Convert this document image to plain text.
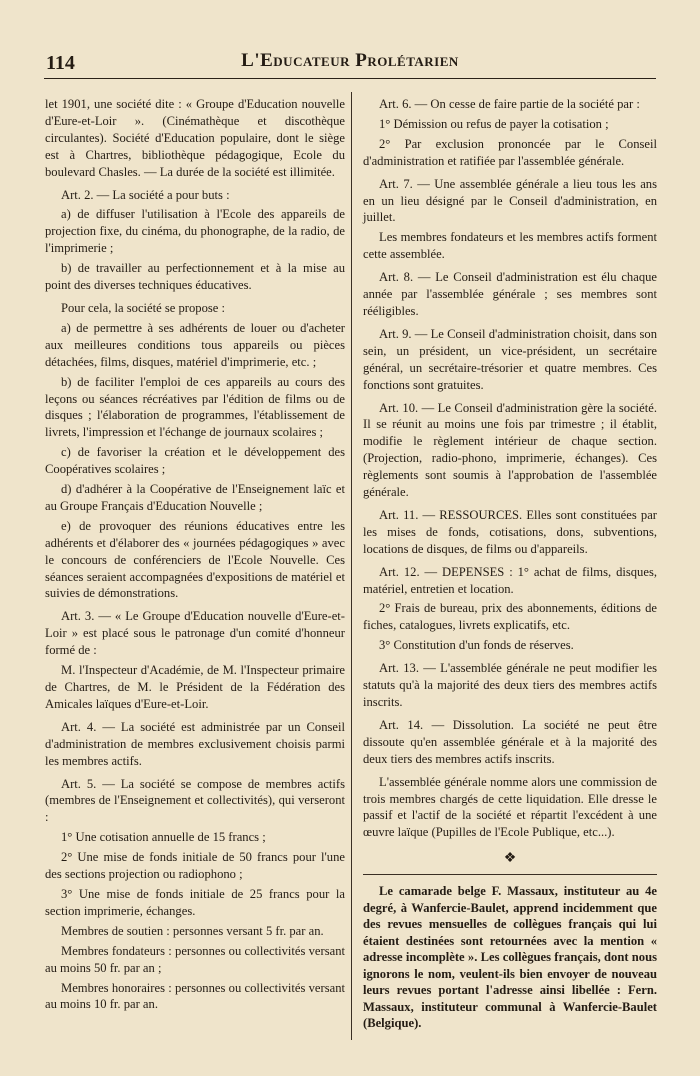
114	L'Educateur Prolétarien

let 1901, une société dite : « Groupe d'Education nouvelle d'Eure-et-Loir ». (Cinémathèque et discothèque circulantes). Société d'Education populaire, dont le siège est à Chartres, bibliothèque pédagogique, Ecole du boulevard Chasles. — La durée de la société est illimitée.

Art. 2. — La société a pour buts :

a) de diffuser l'utilisation à l'Ecole des appareils de projection fixe, du cinéma, du phonographe, de la radio, de l'imprimerie ;

b) de travailler au perfectionnement et à la mise au point des diverses techniques éducatives.

Pour cela, la société se propose :

a) de permettre à ses adhérents de louer ou d'acheter aux meilleures conditions tous appareils ou pièces détachées, films, disques, matériel d'imprimerie, etc. ;

b) de faciliter l'emploi de ces appareils au cours des leçons ou séances récréatives par l'édition de films ou de disques ; l'élaboration de programmes, l'établissement de livrets, l'impression et l'échange de journaux scolaires ;

c) de favoriser la création et le développement des Coopératives scolaires ;

d) d'adhérer à la Coopérative de l'Enseignement laïc et au Groupe Français d'Education Nouvelle ;

e) de provoquer des réunions éducatives entre les adhérents et d'élaborer des « journées pédagogiques » avec le concours de conférenciers de l'Ecole Nouvelle. Ces séances seraient accompagnées d'expositions de matériel et suivies de démonstrations.

Art. 3. — « Le Groupe d'Education nouvelle d'Eure-et-Loir » est placé sous le patronage d'un comité d'honneur formé de :

M. l'Inspecteur d'Académie, de M. l'Inspecteur primaire de Chartres, de M. le Président de la Fédération des Amicales laïques d'Eure-et-Loir.

Art. 4. — La société est administrée par un Conseil d'administration de membres exclusivement choisis parmi les membres actifs.

Art. 5. — La société se compose de membres actifs (membres de l'Enseignement et collectivités), qui verseront :

1° Une cotisation annuelle de 15 francs ;

2° Une mise de fonds initiale de 50 francs pour l'une des sections projection ou radiophono ;

3° Une mise de fonds initiale de 25 francs pour la section imprimerie, échanges.

Membres de soutien : personnes versant 5 fr. par an.

Membres fondateurs : personnes ou collectivités versant au moins 50 fr. par an ;

Membres honoraires : personnes ou collectivités versant au moins 10 fr. par an.

Art. 6. — On cesse de faire partie de la société par :

1° Démission ou refus de payer la cotisation ;

2° Par exclusion prononcée par le Conseil d'administration et ratifiée par l'assemblée générale.

Art. 7. — Une assemblée générale a lieu tous les ans en un lieu désigné par le Conseil d'administration, en juillet.

Les membres fondateurs et les membres actifs forment cette assemblée.

Art. 8. — Le Conseil d'administration est élu chaque année par l'assemblée générale ; ses membres sont rééligibles.

Art. 9. — Le Conseil d'administration choisit, dans son sein, un président, un vice-président, un secrétaire général, un secrétaire-trésorier et quatre membres. Ces fonctions sont gratuites.

Art. 10. — Le Conseil d'administration gère la société. Il se réunit au moins une fois par trimestre ; il établit, modifie le règlement intérieur de chaque section. (Projection, radio-phono, imprimerie, échanges). Ces règlements sont soumis à l'approbation de l'assemblée générale.

Art. 11. — RESSOURCES. Elles sont constituées par les mises de fonds, cotisations, dons, subventions, locations de disques, de films ou d'appareils.

Art. 12. — DEPENSES : 1° achat de films, disques, matériel, entretien et location.

2° Frais de bureau, prix des abonnements, éditions de fiches, catalogues, livrets explicatifs, etc.

3° Constitution d'un fonds de réserves.

Art. 13. — L'assemblée générale ne peut modifier les statuts qu'à la majorité des deux tiers des membres actifs inscrits.

Art. 14. — Dissolution. La société ne peut être dissoute qu'en assemblée générale et à la majorité des deux tiers des membres actifs inscrits.

L'assemblée générale nomme alors une commission de trois membres chargés de cette liquidation. Elle dresse le passif et l'actif de la société et répartit l'excédent à une œuvre laïque (Pupilles de l'Ecole Publique, etc...).

❖

Le camarade belge F. Massaux, instituteur au 4e degré, à Wanfercie-Baulet, apprend incidemment que des revues mensuelles de collègues français qui lui étaient destinées sont retournées avec la mention « adresse incomplète ». Les collègues français, dont nous ignorons le nom, veulent-ils bien envoyer de nouveau leurs revues portant l'adresse ainsi libellée : Fern. Massaux, instituteur communal à Wanfercie-Baulet (Belgique).
